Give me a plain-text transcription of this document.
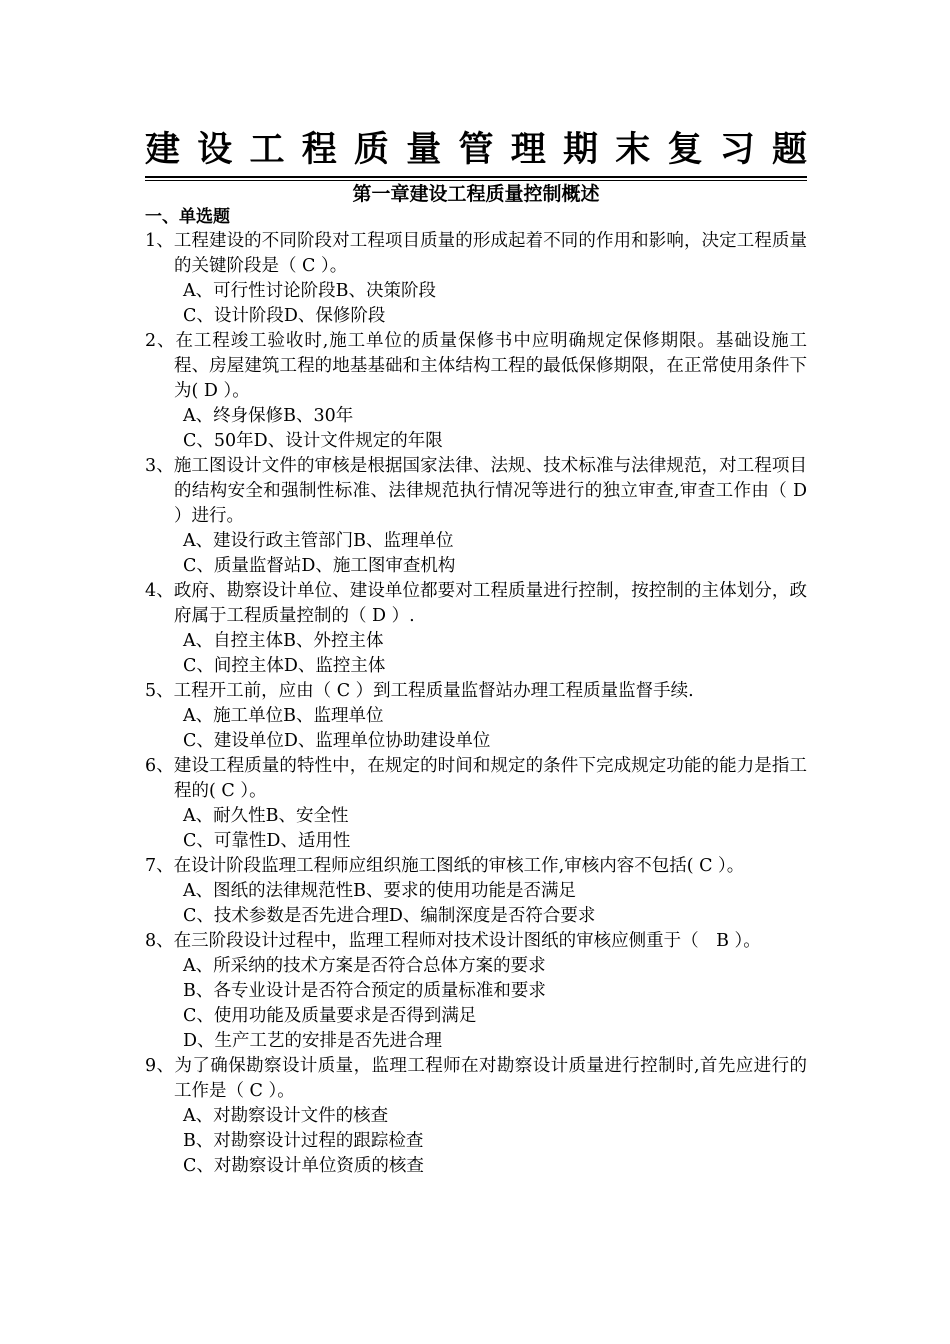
建设工程质量管理期末复习题
第一章建设工程质量控制概述
一、单选题

1、工程建设的不同阶段对工程项目质量的形成起着不同的作用和影响，决定工程质量的关键阶段是（ C ）。

A、可行性讨论阶段B、决策阶段

C、设计阶段D、保修阶段

2、在工程竣工验收时,施工单位的质量保修书中应明确规定保修期限。基础设施工程、房屋建筑工程的地基基础和主体结构工程的最低保修期限，在正常使用条件下为( D ）。

A、终身保修B、30年

C、50年D、设计文件规定的年限

3、施工图设计文件的审核是根据国家法律、法规、技术标准与法律规范，对工程项目的结构安全和强制性标准、法律规范执行情况等进行的独立审查,审查工作由（ D ）进行。

A、建设行政主管部门B、监理单位

C、质量监督站D、施工图审查机构

4、政府、勘察设计单位、建设单位都要对工程质量进行控制，按控制的主体划分，政府属于工程质量控制的（ D ）.

A、自控主体B、外控主体

C、间控主体D、监控主体

5、工程开工前，应由（ C ）到工程质量监督站办理工程质量监督手续.

A、施工单位B、监理单位

C、建设单位D、监理单位协助建设单位

6、建设工程质量的特性中，在规定的时间和规定的条件下完成规定功能的能力是指工程的( C ）。

A、耐久性B、安全性

C、可靠性D、适用性

7、在设计阶段监理工程师应组织施工图纸的审核工作,审核内容不包括( C ）。

A、图纸的法律规范性B、要求的使用功能是否满足

C、技术参数是否先进合理D、编制深度是否符合要求

8、在三阶段设计过程中，监理工程师对技术设计图纸的审核应侧重于（　B ）。

A、所采纳的技术方案是否符合总体方案的要求

B、各专业设计是否符合预定的质量标准和要求

C、使用功能及质量要求是否得到满足

D、生产工艺的安排是否先进合理

9、为了确保勘察设计质量，监理工程师在对勘察设计质量进行控制时,首先应进行的工作是（ C ）。

A、对勘察设计文件的核查

B、对勘察设计过程的跟踪检查

C、对勘察设计单位资质的核查
